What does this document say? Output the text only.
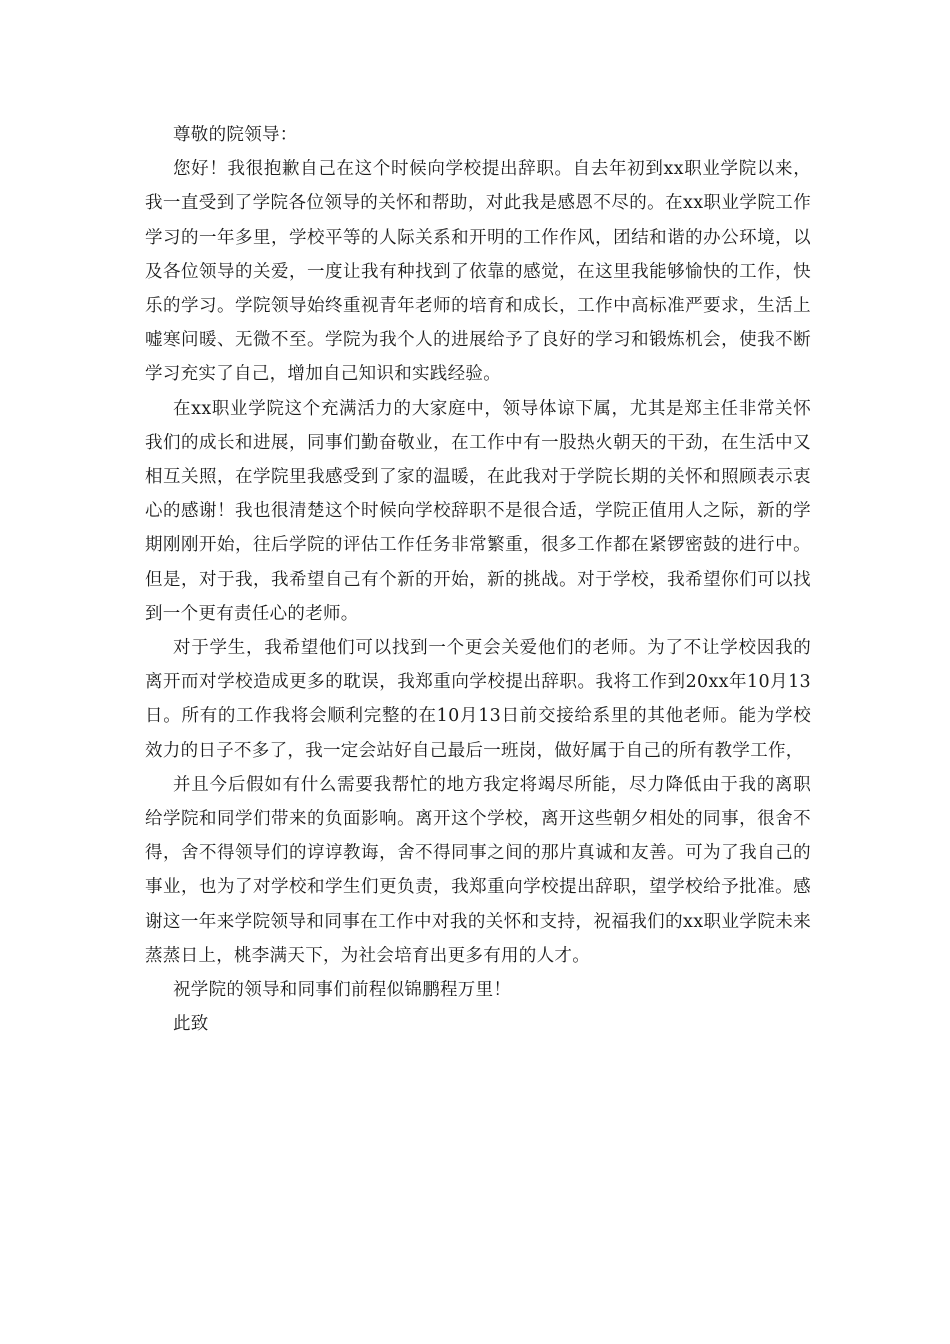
尊敬的院领导：

您好！我很抱歉自己在这个时候向学校提出辞职。自去年初到xx职业学院以来，我一直受到了学院各位领导的关怀和帮助，对此我是感恩不尽的。在xx职业学院工作学习的一年多里，学校平等的人际关系和开明的工作作风，团结和谐的办公环境，以及各位领导的关爱，一度让我有种找到了依靠的感觉，在这里我能够愉快的工作，快乐的学习。学院领导始终重视青年老师的培育和成长，工作中高标准严要求，生活上嘘寒问暖、无微不至。学院为我个人的进展给予了良好的学习和锻炼机会，使我不断学习充实了自己，增加自己知识和实践经验。

在xx职业学院这个充满活力的大家庭中，领导体谅下属，尤其是郑主任非常关怀我们的成长和进展，同事们勤奋敬业，在工作中有一股热火朝天的干劲，在生活中又相互关照，在学院里我感受到了家的温暖，在此我对于学院长期的关怀和照顾表示衷心的感谢！我也很清楚这个时候向学校辞职不是很合适，学院正值用人之际，新的学期刚刚开始，往后学院的评估工作任务非常繁重，很多工作都在紧锣密鼓的进行中。但是，对于我，我希望自己有个新的开始，新的挑战。对于学校，我希望你们可以找到一个更有责任心的老师。

对于学生，我希望他们可以找到一个更会关爱他们的老师。为了不让学校因我的离开而对学校造成更多的耽误，我郑重向学校提出辞职。我将工作到20xx年10月13日。所有的工作我将会顺利完整的在10月13日前交接给系里的其他老师。能为学校效力的日子不多了，我一定会站好自己最后一班岗，做好属于自己的所有教学工作，

并且今后假如有什么需要我帮忙的地方我定将竭尽所能，尽力降低由于我的离职给学院和同学们带来的负面影响。离开这个学校，离开这些朝夕相处的同事，很舍不得，舍不得领导们的谆谆教诲，舍不得同事之间的那片真诚和友善。可为了我自己的事业，也为了对学校和学生们更负责，我郑重向学校提出辞职，望学校给予批准。感谢这一年来学院领导和同事在工作中对我的关怀和支持，祝福我们的xx职业学院未来蒸蒸日上，桃李满天下，为社会培育出更多有用的人才。

祝学院的领导和同事们前程似锦鹏程万里！

此致
